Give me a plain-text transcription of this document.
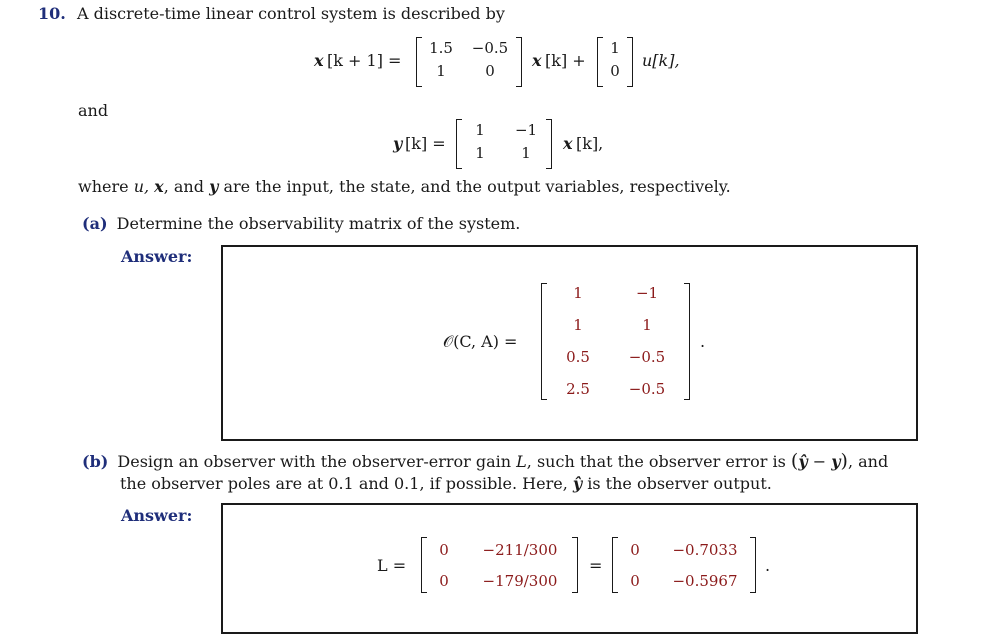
10. A discrete-time linear control system is described by
x [k + 1] =
1.5 −0.5
1	0
x [k] +
1
0
u[k],
and
y [k] =
1	−1
1	1	x [k],
where u, x, and y are the input, the state, and the output variables, respectively.
(a) Determine the observability matrix of the system.
Answer:
𝒪(C, A) =
1	−1
1	1
0.5	−0.5
2.5	−0.5
.
(b) Design an observer with the observer-error gain L, such that the observer error is (ŷ − y), and
the observer poles are at 0.1 and 0.1, if possible. Here, ŷ is the observer output.
Answer:
L =
0	−211/300
0	−179/300
=
0	−0.7033
0	−0.5967
.
